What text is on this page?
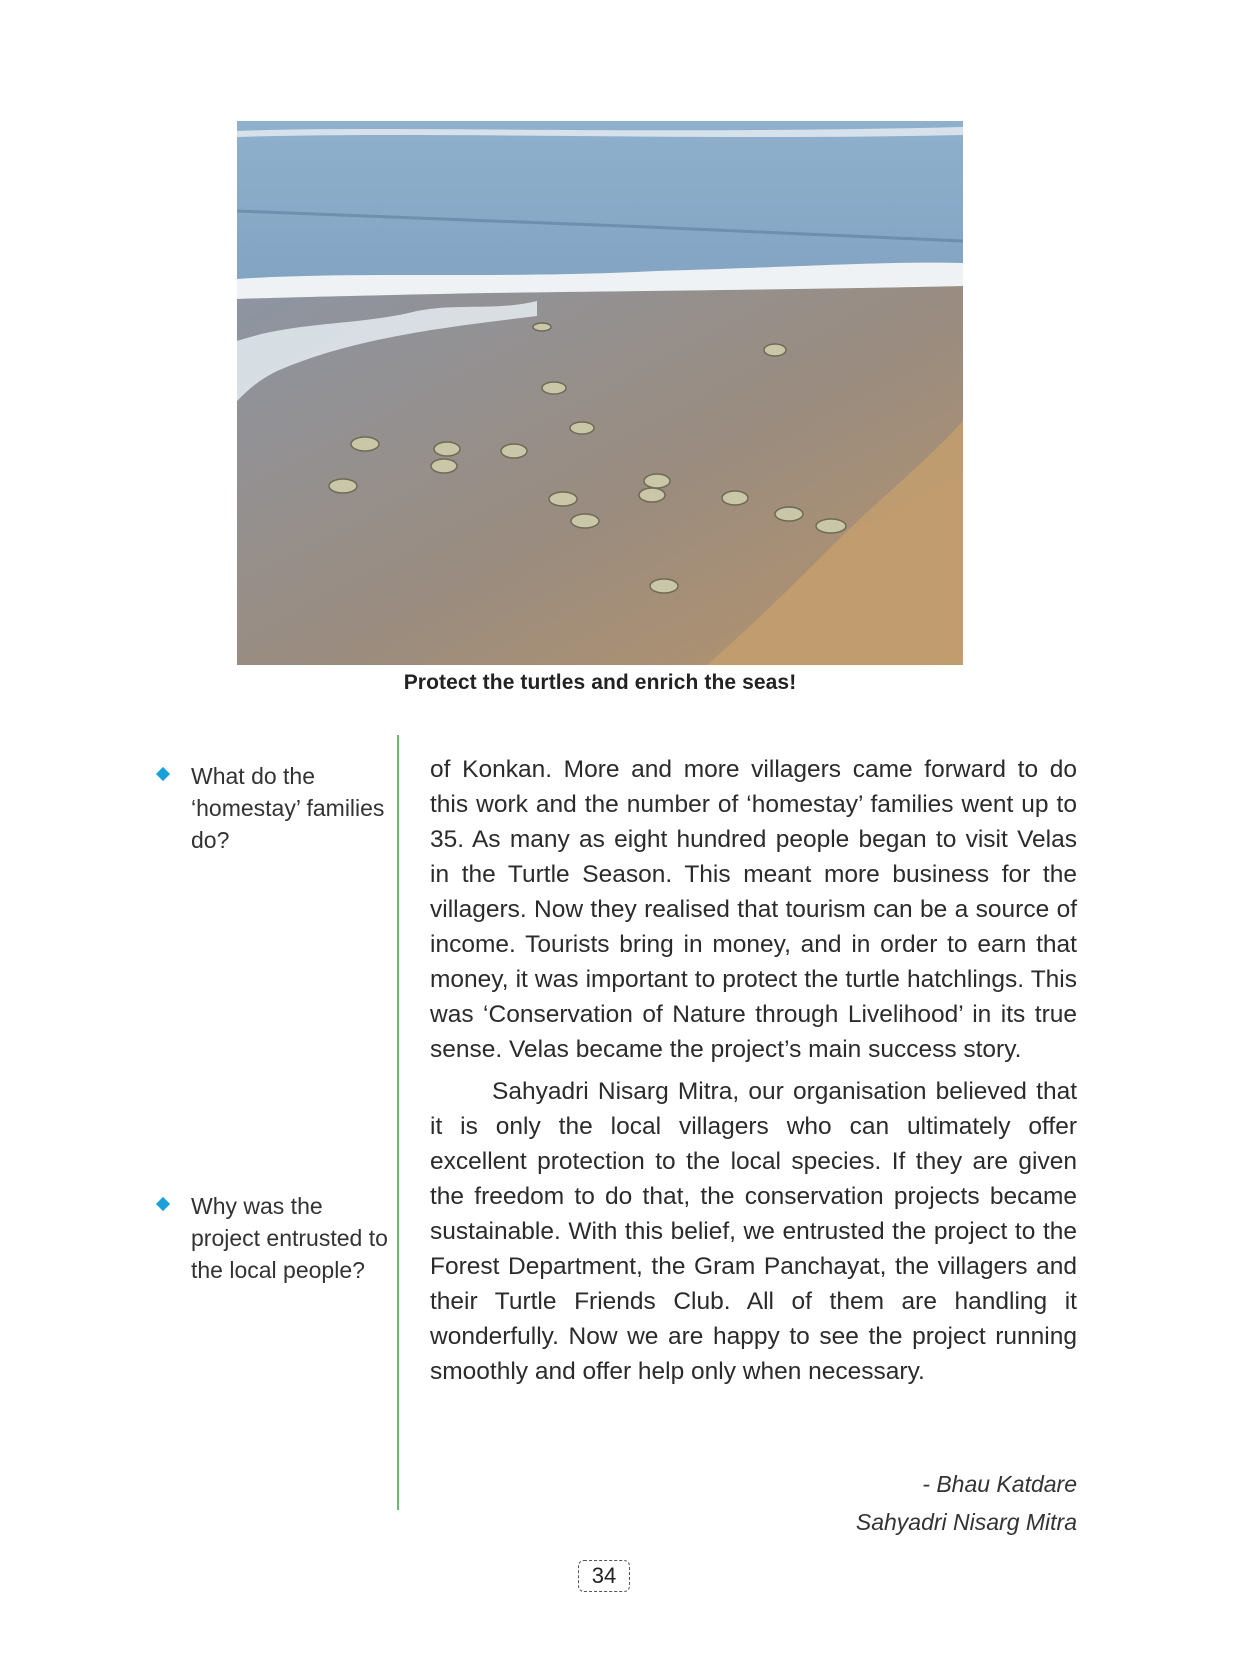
Protect the turtles and enrich the seas!
What do the ‘homestay’ families do?
Why was the project entrusted to the local people?

of Konkan. More and more villagers came forward to do this work and the number of ‘homestay’ families went up to 35. As many as eight hundred people began to visit Velas in the Turtle Season. This meant more business for the villagers. Now they realised that tourism can be a source of income. Tourists bring in money, and in order to earn that money, it was important to protect the turtle hatchlings. This was ‘Conservation of Nature through Livelihood’ in its true sense. Velas became the project’s main success story.

Sahyadri Nisarg Mitra, our organisation believed that it is only the local villagers who can ultimately offer excellent protection to the local species. If they are given the freedom to do that, the conservation projects became sustainable. With this belief, we entrusted the project to the Forest Department, the Gram Panchayat, the villagers and their Turtle Friends Club. All of them are handling it wonderfully. Now we are happy to see the project running smoothly and offer help only when necessary.

- Bhau Katdare
Sahyadri Nisarg Mitra
34
